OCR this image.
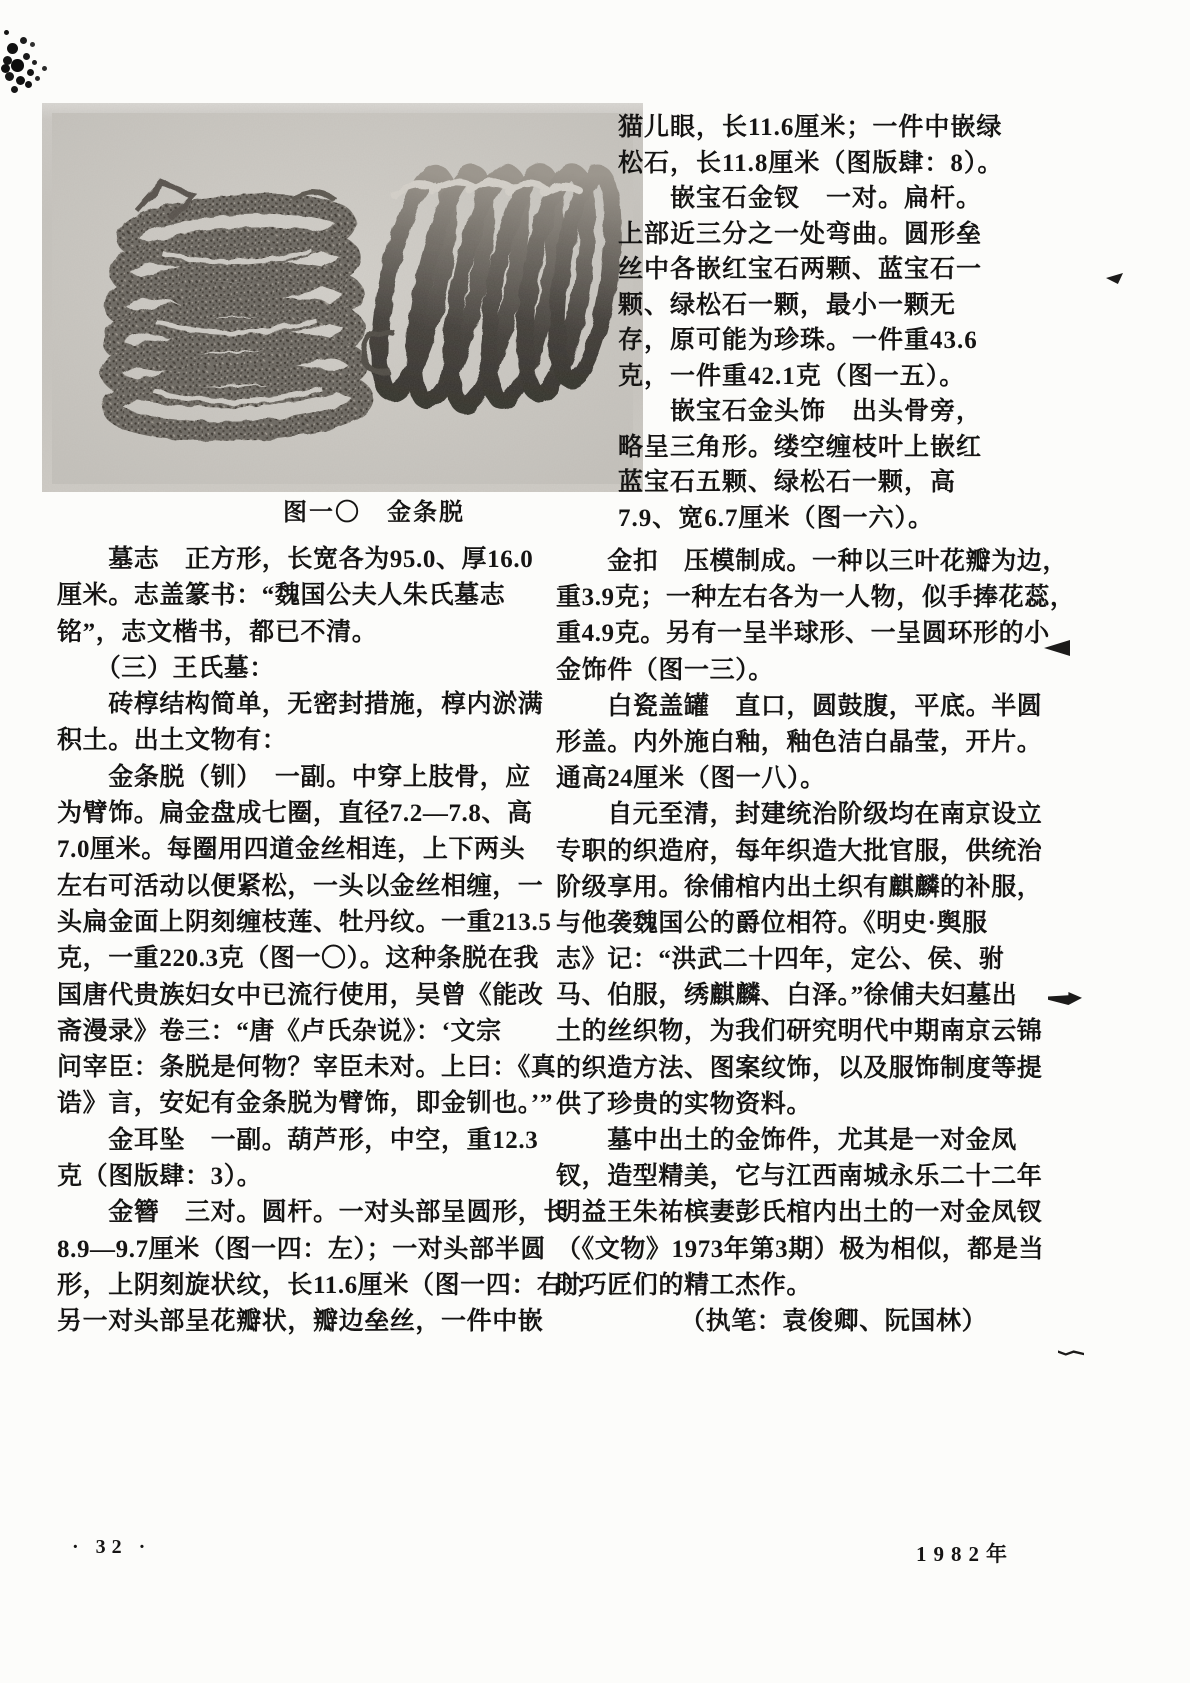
图一〇　金条脱
　　墓志　正方形，长宽各为95.0、厚16.0
厘米。志盖篆书：“魏国公夫人朱氏墓志
铭”，志文楷书，都已不清。
　　（三）王氏墓：
　　砖椁结构简单，无密封措施，椁内淤满
积土。出土文物有：
　　金条脱（钏）　一副。中穿上肢骨，应
为臂饰。扁金盘成七圈，直径7.2—7.8、高
7.0厘米。每圈用四道金丝相连，上下两头
左右可活动以便紧松，一头以金丝相缠，一
头扁金面上阴刻缠枝莲、牡丹纹。一重213.5
克，一重220.3克（图一〇）。这种条脱在我
国唐代贵族妇女中已流行使用，吴曾《能改
斋漫录》卷三：“唐《卢氏杂说》：‘文宗
问宰臣：条脱是何物？宰臣未对。上曰：《真
诰》言，安妃有金条脱为臂饰，即金钏也。’”
　　金耳坠　一副。葫芦形，中空，重12.3
克（图版肆：3）。
　　金簪　三对。圆杆。一对头部呈圆形，长
8.9—9.7厘米（图一四：左）；一对头部半圆
形，上阴刻旋状纹，长11.6厘米（图一四：右）；
另一对头部呈花瓣状，瓣边垒丝，一件中嵌
猫儿眼，长11.6厘米；一件中嵌绿
松石，长11.8厘米（图版肆：8）。
　　嵌宝石金钗　一对。扁杆。
上部近三分之一处弯曲。圆形垒
丝中各嵌红宝石两颗、蓝宝石一
颗、绿松石一颗，最小一颗无
存，原可能为珍珠。一件重43.6
克，一件重42.1克（图一五）。
　　嵌宝石金头饰　出头骨旁，
略呈三角形。缕空缠枝叶上嵌红
蓝宝石五颗、绿松石一颗，高
7.9、宽6.7厘米（图一六）。
　　金扣　压模制成。一种以三叶花瓣为边，
重3.9克；一种左右各为一人物，似手捧花蕊，
重4.9克。另有一呈半球形、一呈圆环形的小
金饰件（图一三）。
　　白瓷盖罐　直口，圆鼓腹，平底。半圆
形盖。内外施白釉，釉色洁白晶莹，开片。
通高24厘米（图一八）。
　　自元至清，封建统治阶级均在南京设立
专职的织造府，每年织造大批官服，供统治
阶级享用。徐俌棺内出土织有麒麟的补服，
与他袭魏国公的爵位相符。《明史·舆服
志》记：“洪武二十四年，定公、侯、驸
马、伯服，绣麒麟、白泽。”徐俌夫妇墓出
土的丝织物，为我们研究明代中期南京云锦
的织造方法、图案纹饰，以及服饰制度等提
供了珍贵的实物资料。
　　墓中出土的金饰件，尤其是一对金凤
钗，造型精美，它与江西南城永乐二十二年
明益王朱祐槟妻彭氏棺内出土的一对金凤钗
（《文物》1973年第3期）极为相似，都是当
时巧匠们的精工杰作。
（执笔：袁俊卿、阮国林）
· 32 ·	1982年
